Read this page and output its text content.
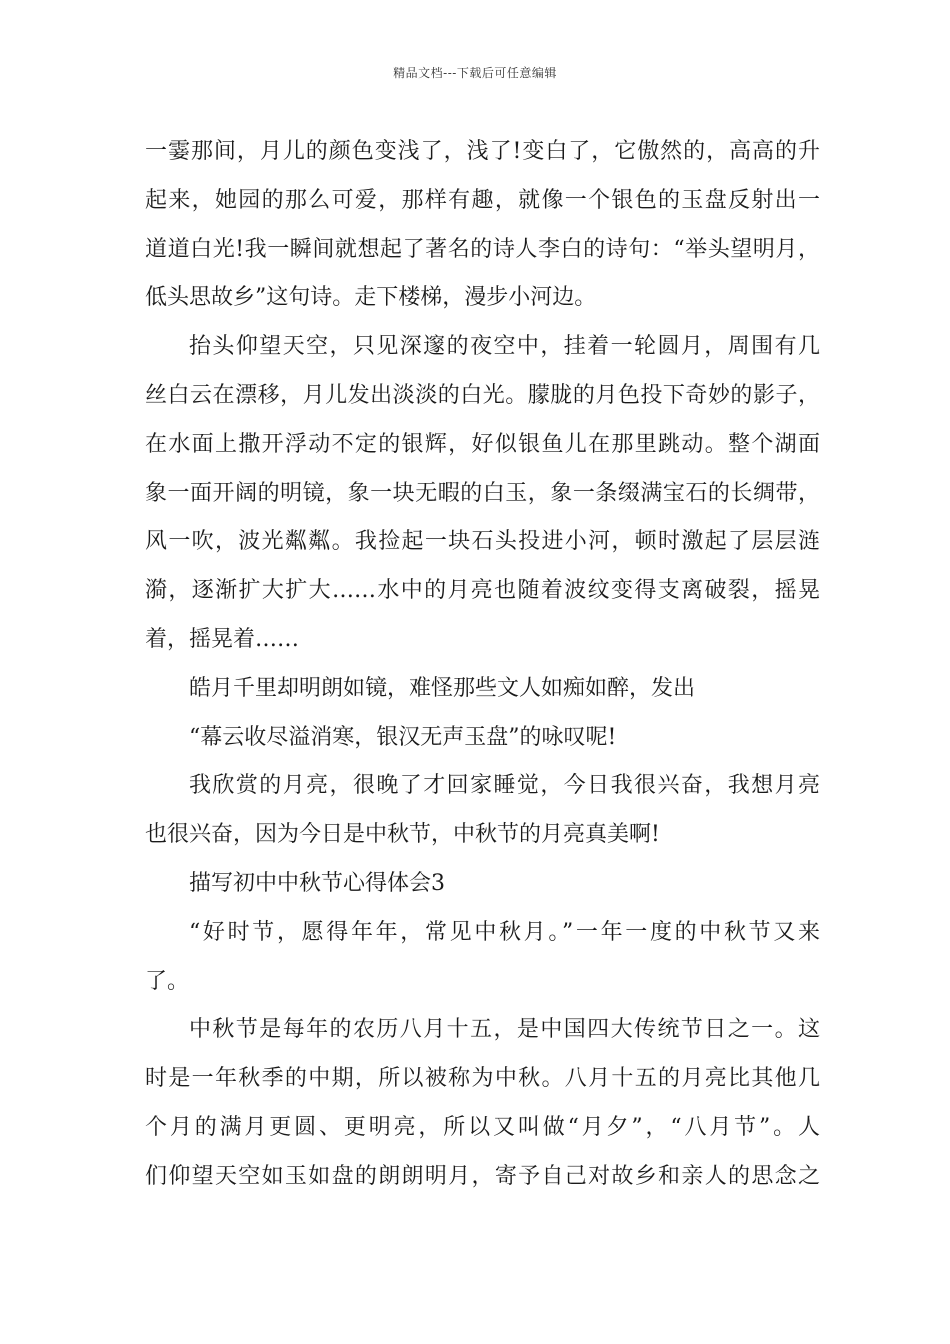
精品文档---下载后可任意编辑
一霎那间，月儿的颜色变浅了，浅了!变白了，它傲然的，高高的升
起来，她园的那么可爱，那样有趣，就像一个银色的玉盘反射出一
道道白光!我一瞬间就想起了著名的诗人李白的诗句：“举头望明月，
低头思故乡”这句诗。走下楼梯，漫步小河边。
抬头仰望天空，只见深邃的夜空中，挂着一轮圆月，周围有几
丝白云在漂移，月儿发出淡淡的白光。朦胧的月色投下奇妙的影子，
在水面上撒开浮动不定的银辉，好似银鱼儿在那里跳动。整个湖面
象一面开阔的明镜，象一块无暇的白玉，象一条缀满宝石的长绸带，
风一吹，波光粼粼。我捡起一块石头投进小河，顿时激起了层层涟
漪，逐渐扩大扩大……水中的月亮也随着波纹变得支离破裂，摇晃
着，摇晃着……
皓月千里却明朗如镜，难怪那些文人如痴如醉，发出
“幕云收尽溢消寒，银汉无声玉盘”的咏叹呢!
我欣赏的月亮，很晚了才回家睡觉，今日我很兴奋，我想月亮
也很兴奋，因为今日是中秋节，中秋节的月亮真美啊!
描写初中中秋节心得体会3
“好时节，愿得年年，常见中秋月。”一年一度的中秋节又来
了。
中秋节是每年的农历八月十五，是中国四大传统节日之一。这
时是一年秋季的中期，所以被称为中秋。八月十五的月亮比其他几
个月的满月更圆、更明亮，所以又叫做“月夕”，“八月节”。人
们仰望天空如玉如盘的朗朗明月，寄予自己对故乡和亲人的思念之
